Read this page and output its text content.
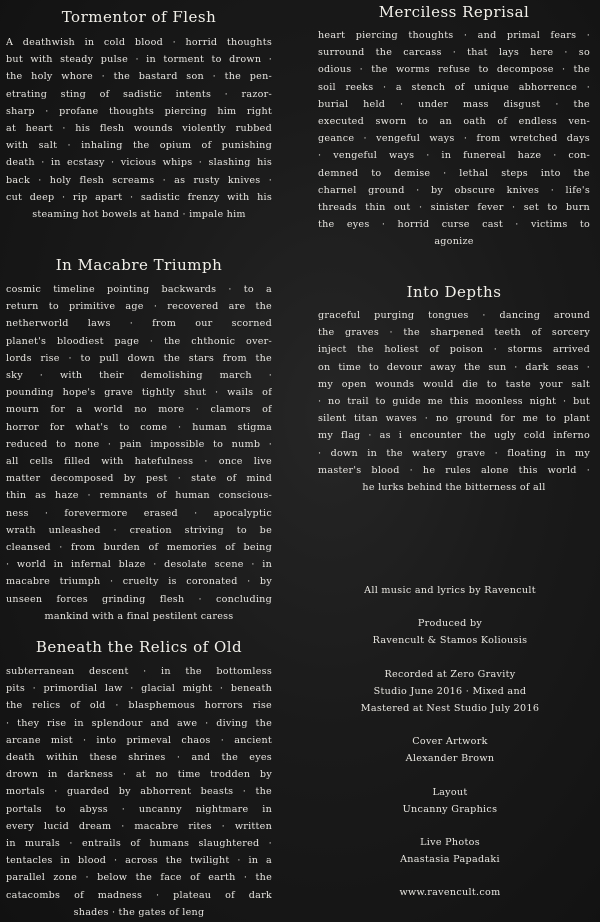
Tormentor of Flesh
A deathwish in cold blood · horrid thoughts
but with steady pulse · in torment to drown ·
the holy whore · the bastard son · the pen-
etrating sting of sadistic intents · razor-
sharp · profane thoughts piercing him right
at heart · his flesh wounds violently rubbed
with salt · inhaling the opium of punishing
death · in ecstasy · vicious whips · slashing his
back · holy flesh screams · as rusty knives ·
cut deep · rip apart · sadistic frenzy with his
steaming hot bowels at hand · impale him
Merciless Reprisal
heart piercing thoughts · and primal fears ·
surround the carcass · that lays here · so
odious · the worms refuse to decompose · the
soil reeks · a stench of unique abhorrence ·
burial held · under mass disgust · the
executed sworn to an oath of endless ven-
geance · vengeful ways · from wretched days
· vengeful ways · in funereal haze · con-
demned to demise · lethal steps into the
charnel ground · by obscure knives · life's
threads thin out · sinister fever · set to burn
the eyes · horrid curse cast · victims to
agonize
In Macabre Triumph
cosmic timeline pointing backwards · to a
return to primitive age · recovered are the
netherworld laws · from our scorned
planet's bloodiest page · the chthonic over-
lords rise · to pull down the stars from the
sky · with their demolishing march ·
pounding hope's grave tightly shut · wails of
mourn for a world no more · clamors of
horror for what's to come · human stigma
reduced to none · pain impossible to numb ·
all cells filled with hatefulness · once live
matter decomposed by pest · state of mind
thin as haze · remnants of human conscious-
ness · forevermore erased · apocalyptic
wrath unleashed · creation striving to be
cleansed · from burden of memories of being
· world in infernal blaze · desolate scene · in
macabre triumph · cruelty is coronated · by
unseen forces grinding flesh · concluding
mankind with a final pestilent caress
Into Depths
graceful purging tongues · dancing around
the graves · the sharpened teeth of sorcery
inject the holiest of poison · storms arrived
on time to devour away the sun · dark seas ·
my open wounds would die to taste your salt
· no trail to guide me this moonless night · but
silent titan waves · no ground for me to plant
my flag · as i encounter the ugly cold inferno
· down in the watery grave · floating in my
master's blood · he rules alone this world ·
he lurks behind the bitterness of all
Beneath the Relics of Old
subterranean descent · in the bottomless
pits · primordial law · glacial might · beneath
the relics of old · blasphemous horrors rise
· they rise in splendour and awe · diving the
arcane mist · into primeval chaos · ancient
death within these shrines · and the eyes
drown in darkness · at no time trodden by
mortals · guarded by abhorrent beasts · the
portals to abyss · uncanny nightmare in
every lucid dream · macabre rites · written
in murals · entrails of humans slaughtered ·
tentacles in blood · across the twilight · in a
parallel zone · below the face of earth · the
catacombs of madness · plateau of dark
shades · the gates of leng

All music and lyrics by Ravencult

Produced by

Ravencult & Stamos Koliousis

Recorded at Zero Gravity

Studio June 2016 · Mixed and

Mastered at Nest Studio July 2016

Cover Artwork

Alexander Brown

Layout

Uncanny Graphics

Live Photos

Anastasia Papadaki

www.ravencult.com
